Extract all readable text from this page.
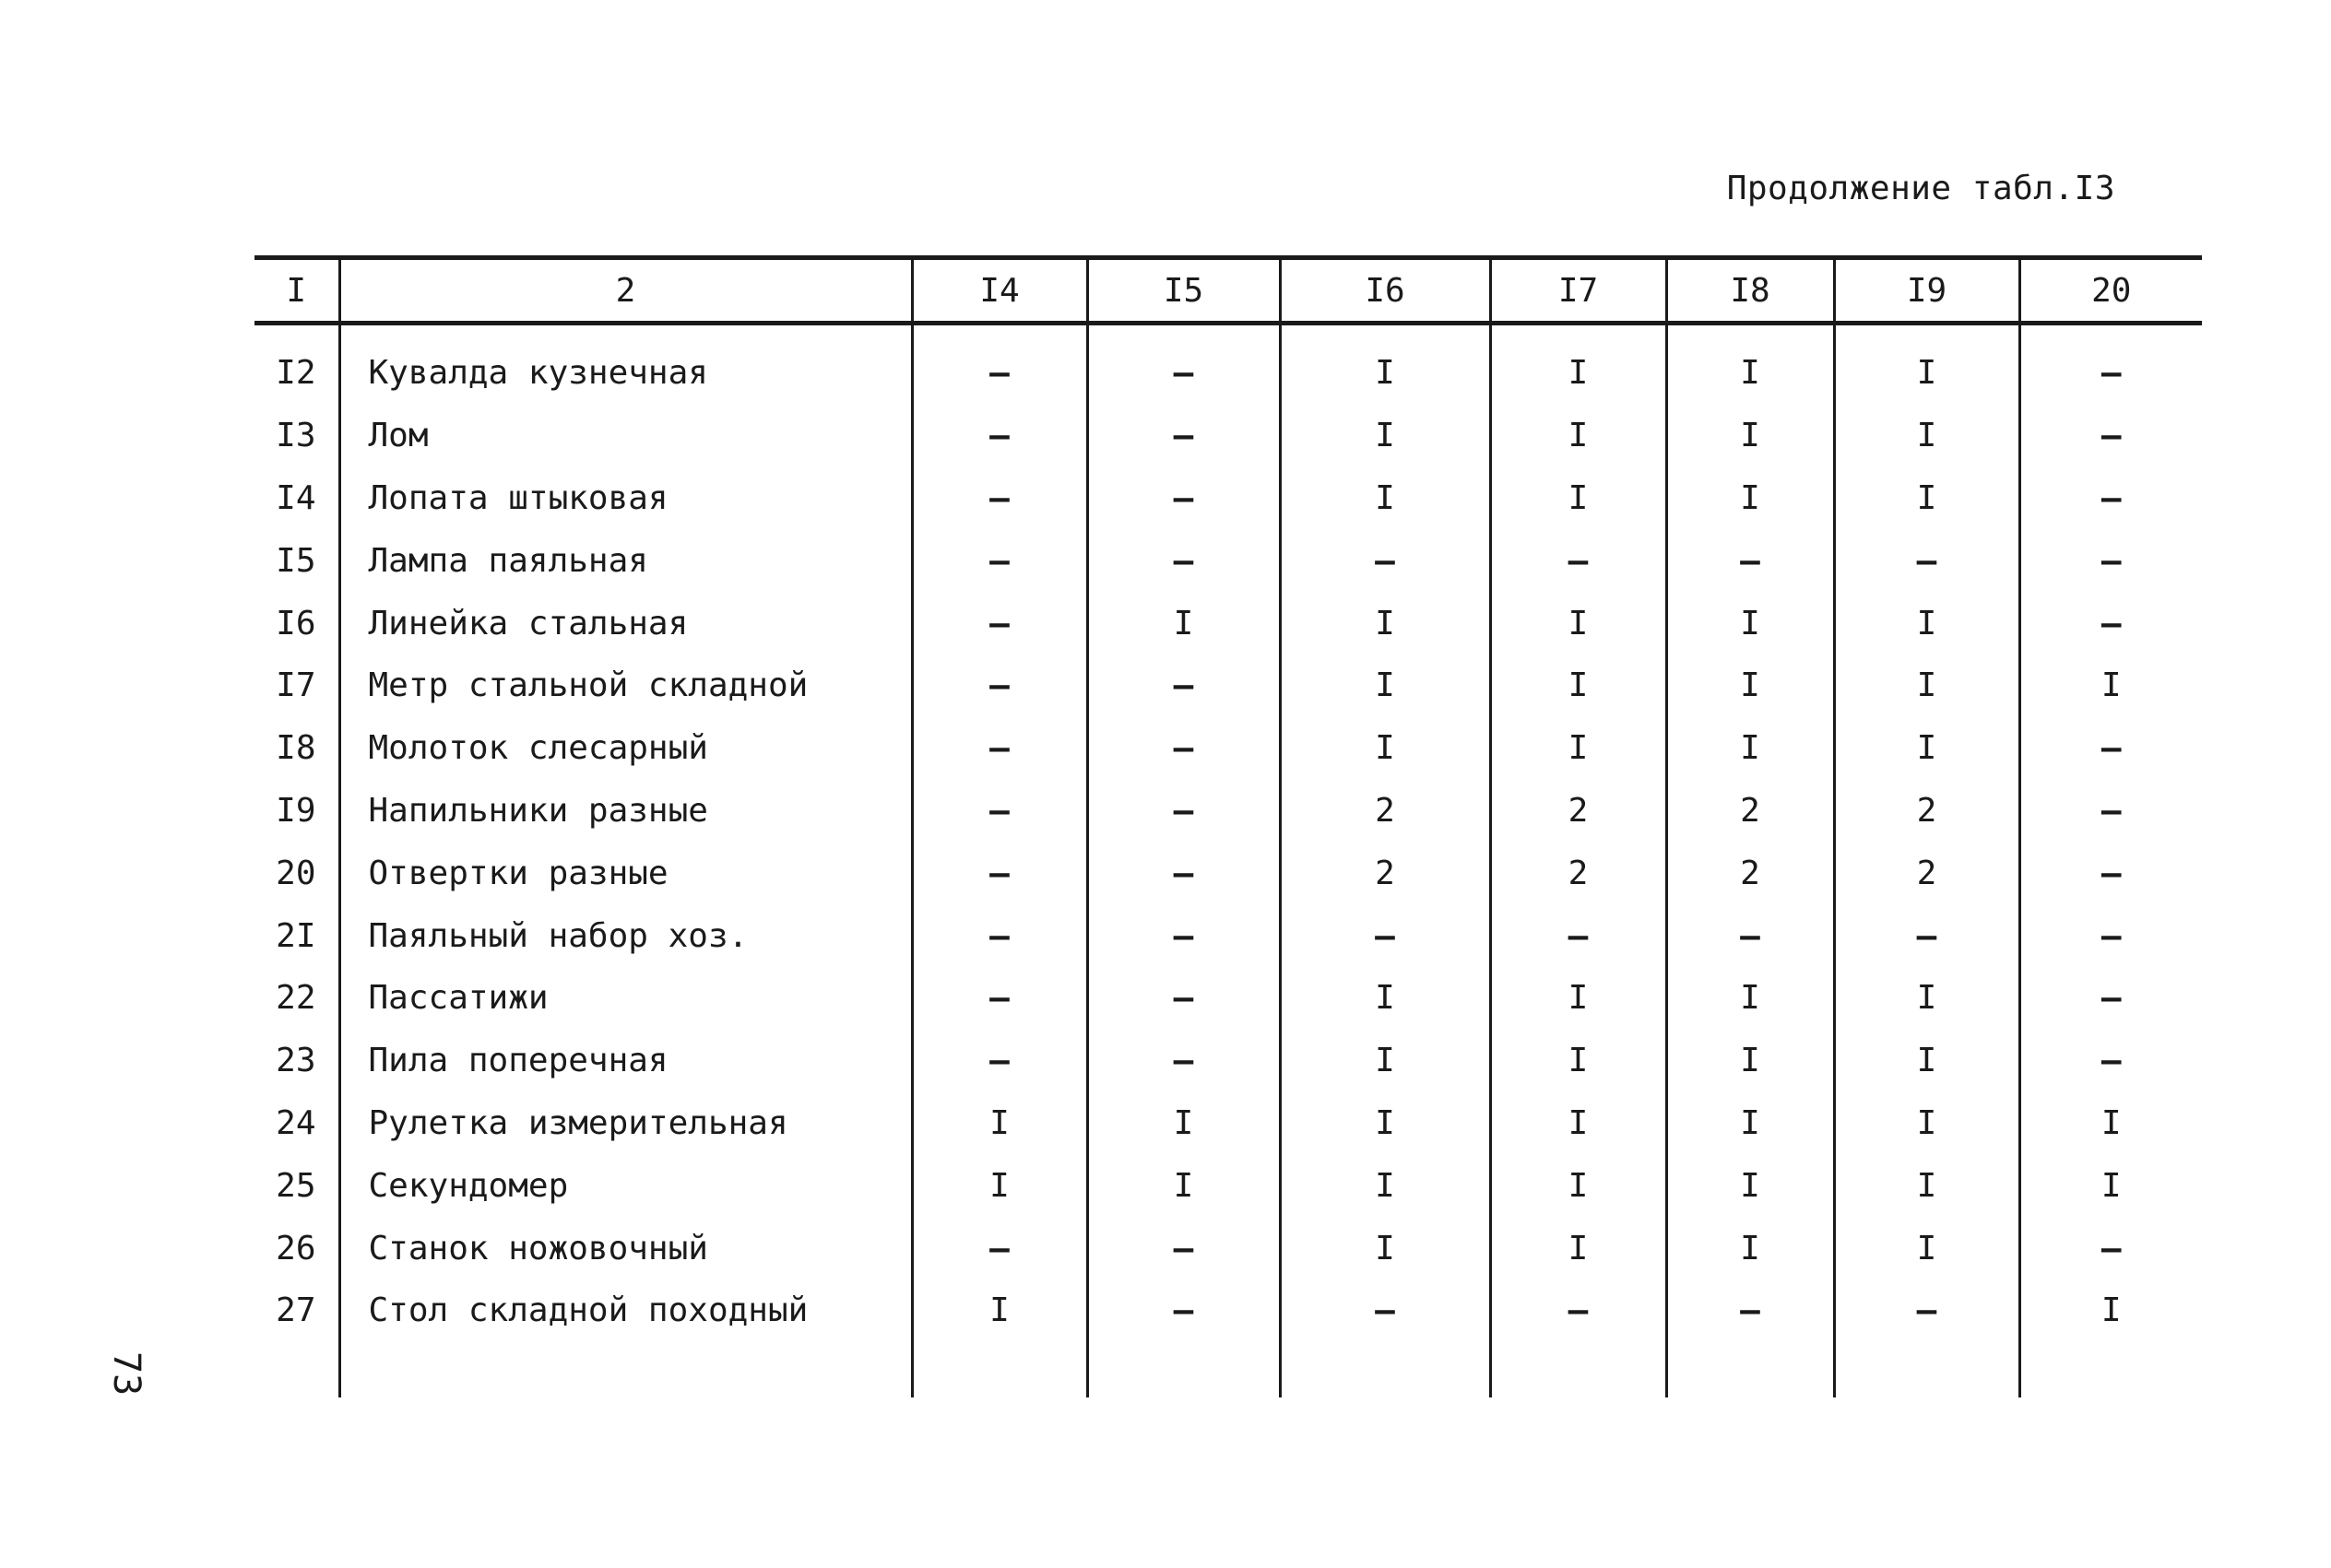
Продолжение табл.I3
73
I	2	I4	I5	I6	I7	I8	I9	20
I2	Кувалда кузнечная	–	–	I	I	I	I	–
I3	Лом	–	–	I	I	I	I	–
I4	Лопата штыковая	–	–	I	I	I	I	–
I5	Лампа паяльная	–	–	–	–	–	–	–
I6	Линейка стальная	–	I	I	I	I	I	–
I7	Метр стальной складной	–	–	I	I	I	I	I
I8	Молоток слесарный	–	–	I	I	I	I	–
I9	Напильники разные	–	–	2	2	2	2	–
20	Отвертки разные	–	–	2	2	2	2	–
2I	Паяльный набор хоз.	–	–	–	–	–	–	–
22	Пассатижи	–	–	I	I	I	I	–
23	Пила поперечная	–	–	I	I	I	I	–
24	Рулетка измерительная	I	I	I	I	I	I	I
25	Секундомер	I	I	I	I	I	I	I
26	Станок ножовочный	–	–	I	I	I	I	–
27	Стол складной походный	I	–	–	–	–	–	I
